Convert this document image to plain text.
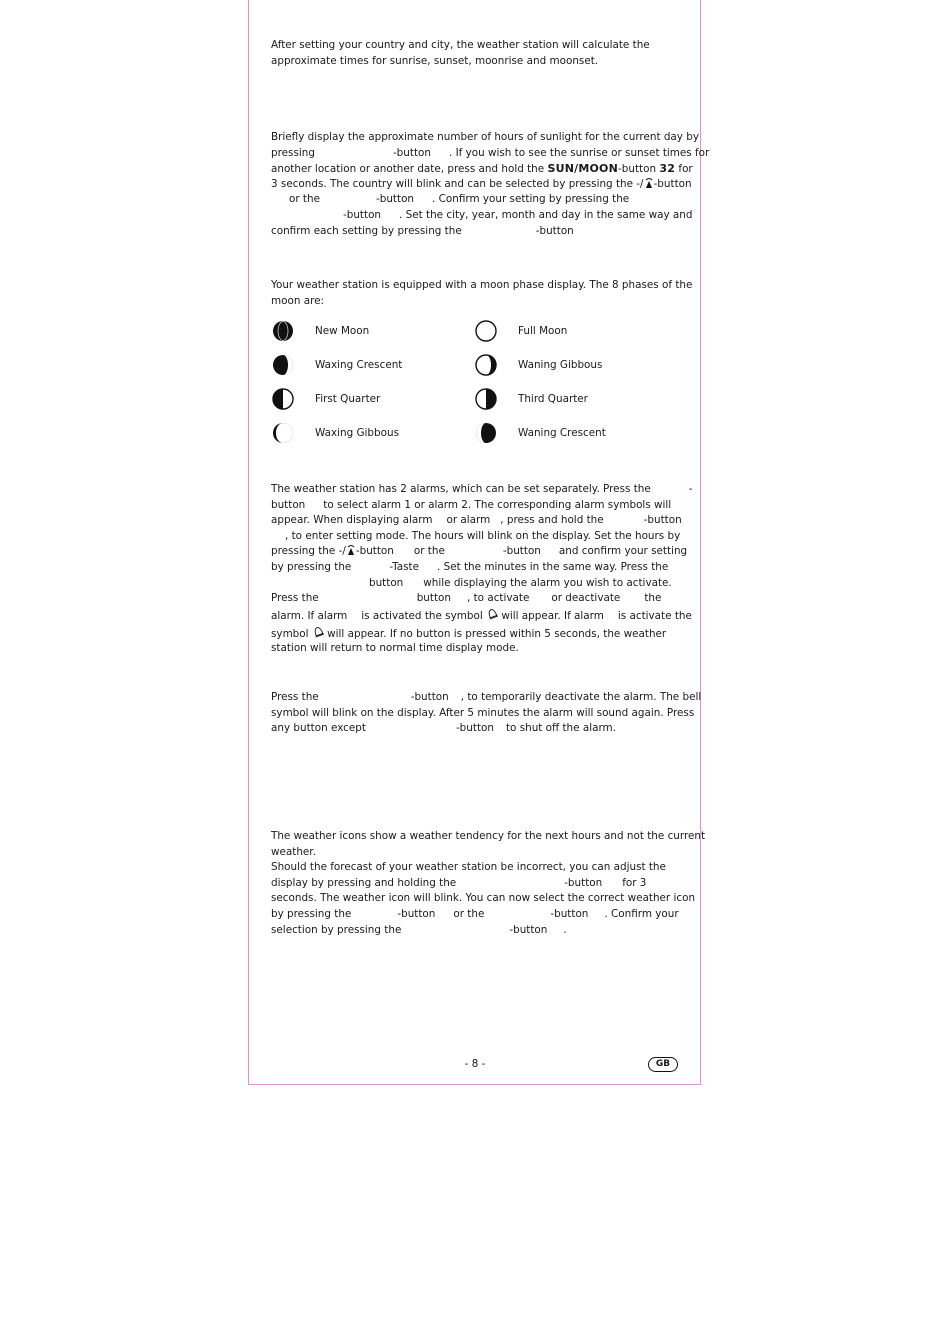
After setting your country and city, the weather station will calculate the
approximate times for sunrise, sunset, moonrise and moonset.
Briefly display the approximate number of hours of sunlight for the current day by
pressing	-button . If you wish to see the sunrise or sunset times for
another location or another date, press and hold the SUN/MOON-button 32 for
3 seconds. The country will blink and can be selected by pressing the -/ -button
or the	-button . Confirm your setting by pressing the
-button . Set the city, year, month and day in the same way and
confirm each setting by pressing the	-button
Your weather station is equipped with a moon phase display. The 8 phases of the
moon are:
New Moon	Full Moon
Waxing Crescent	Waning Gibbous
First Quarter	Third Quarter
Waxing Gibbous	Waning Crescent
The weather station has 2 alarms, which can be set separately. Press the	-
button to select alarm 1 or alarm 2. The corresponding alarm symbols will
appear. When displaying alarm or alarm , press and hold the	-button
, to enter setting mode. The hours will blink on the display. Set the hours by
pressing the -/ -button or the	-button and confirm your setting
by pressing the	-Taste . Set the minutes in the same way. Press the
button while displaying the alarm you wish to activate.
Press the	button , to activate or deactivate the
alarm. If alarm is activated the symbol will appear. If alarm is activate the
symbol will appear. If no button is pressed within 5 seconds, the weather
station will return to normal time display mode.
Press the	-button , to temporarily deactivate the alarm. The bell
symbol will blink on the display. After 5 minutes the alarm will sound again. Press
any button except	-button to shut off the alarm.
The weather icons show a weather tendency for the next hours and not the current
weather.
Should the forecast of your weather station be incorrect, you can adjust the
display by pressing and holding the	-button for 3
seconds. The weather icon will blink. You can now select the correct weather icon
by pressing the	-button or the	-button . Confirm your
selection by pressing the	-button .
- 8 -	GB
